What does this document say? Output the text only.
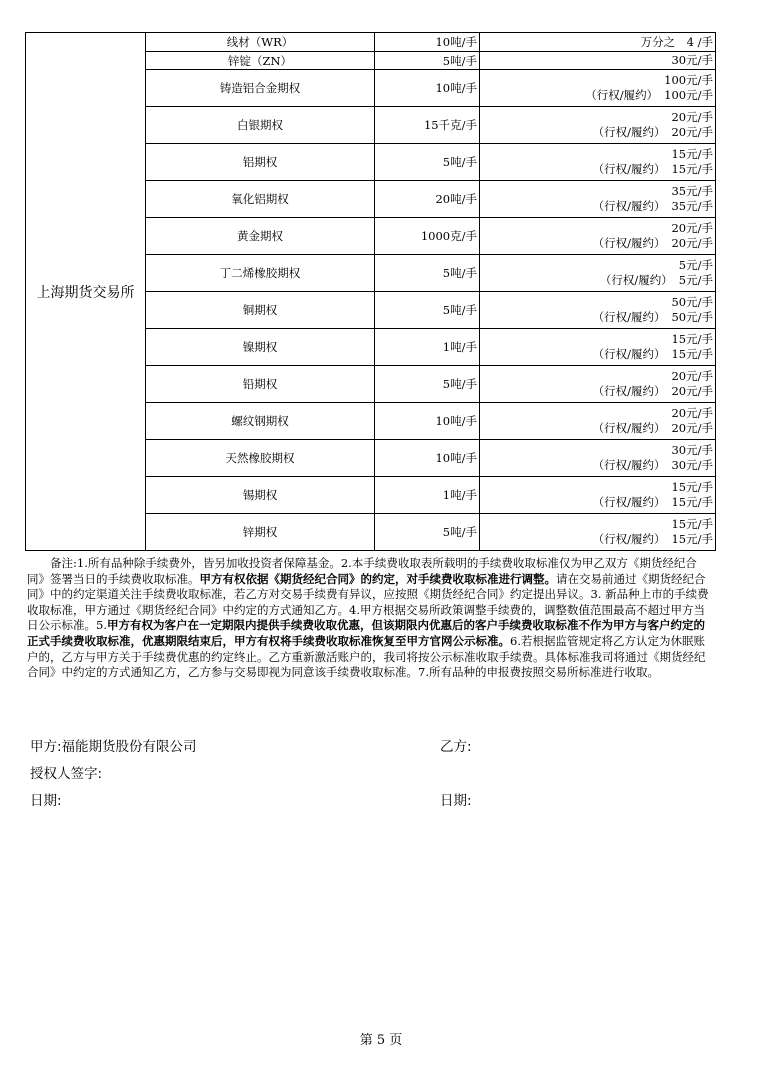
上海期货交易所	线材（WR）	10吨/手	万分之　4 /手
	锌锭（ZN）	5吨/手	30元/手
	铸造铝合金期权	10吨/手	100元/手
（行权/履约） 100元/手

	白银期权	15千克/手	20元/手
（行权/履约） 20元/手

	铝期权	5吨/手	15元/手
（行权/履约） 15元/手

	氧化铝期权	20吨/手	35元/手
（行权/履约） 35元/手

	黄金期权	1000克/手	20元/手
（行权/履约） 20元/手

	丁二烯橡胶期权	5吨/手	5元/手
（行权/履约） 5元/手

	铜期权	5吨/手	50元/手
（行权/履约） 50元/手

	镍期权	1吨/手	15元/手
（行权/履约） 15元/手

	铅期权	5吨/手	20元/手
（行权/履约） 20元/手

	螺纹钢期权	10吨/手	20元/手
（行权/履约） 20元/手

	天然橡胶期权	10吨/手	30元/手
（行权/履约） 30元/手

	锡期权	1吨/手	15元/手
（行权/履约） 15元/手

	锌期权	5吨/手	15元/手
（行权/履约） 15元/手

备注:1.所有品种除手续费外，皆另加收投资者保障基金。2.本手续费收取表所载明的手续费收取标准仅为甲乙双方《期货经纪合同》签署当日的手续费收取标准。甲方有权依据《期货经纪合同》的约定，对手续费收取标准进行调整。请在交易前通过《期货经纪合同》中的约定渠道关注手续费收取标准，若乙方对交易手续费有异议，应按照《期货经纪合同》约定提出异议。3. 新品种上市的手续费收取标准，甲方通过《期货经纪合同》中约定的方式通知乙方。4.甲方根据交易所政策调整手续费的，调整数值范围最高不超过甲方当日公示标准。5.甲方有权为客户在一定期限内提供手续费收取优惠，但该期限内优惠后的客户手续费收取标准不作为甲方与客户约定的正式手续费收取标准，优惠期限结束后，甲方有权将手续费收取标准恢复至甲方官网公示标准。6.若根据监管规定将乙方认定为休眠账户的，乙方与甲方关于手续费优惠的约定终止。乙方重新激活账户的，我司将按公示标准收取手续费。具体标准我司将通过《期货经纪合同》中约定的方式通知乙方，乙方参与交易即视为同意该手续费收取标准。7.所有品种的申报费按照交易所标准进行收取。

甲方:福能期货股份有限公司	乙方:
授权人签字:
日期:	日期:
第 5 页
